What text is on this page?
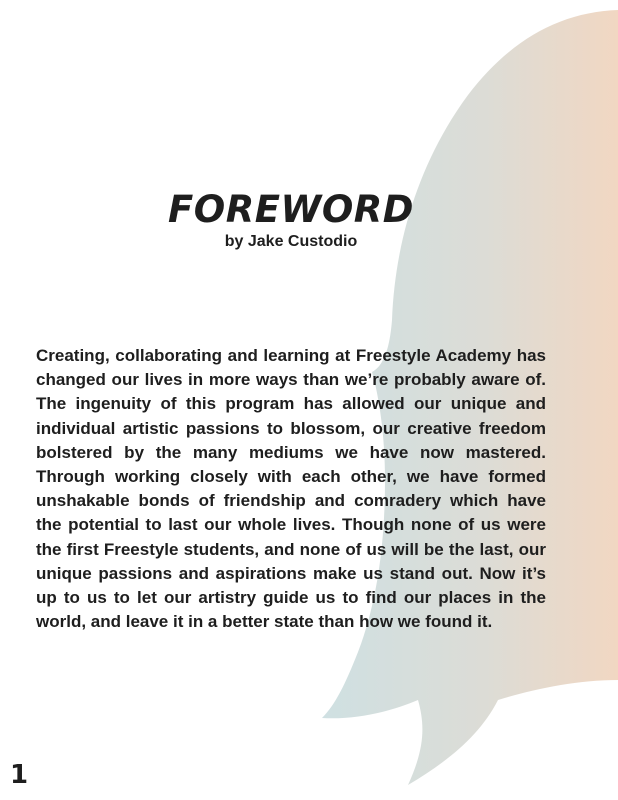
FOREWORD
by Jake Custodio
Creating, collaborating and learning at Freestyle Academy has changed our lives in more ways than we’re probably aware of. The ingenuity of this program has allowed our unique and individual artistic passions to blossom, our creative freedom bolstered by the many mediums we have now mastered. Through working closely with each other, we have formed unshakable bonds of friendship and comradery which have the potential to last our whole lives. Though none of us were the first Freestyle students, and none of us will be the last, our unique passions and aspirations make us stand out. Now it’s up to us to let our artistry guide us to find our places in the world, and leave it in a better state than how we found it.
1
